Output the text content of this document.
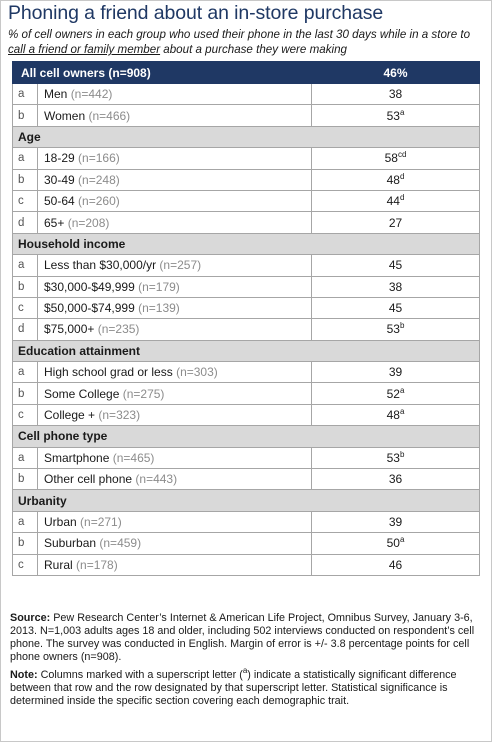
Phoning a friend about an in-store purchase

% of cell owners in each group who used their phone in the last 30 days while in a store to call a friend or family member about a purchase they were making

All cell owners (n=908)		46%
a	Men (n=442)	38
b	Women (n=466)	53$^a$
Age		
a	18-29 (n=166)	$58^{cd}$
b	30-49 (n=248)	48$^d$
c	50-64 (n=260)	44$^d$
d	65+ (n=208)	27
Household income		
a	Less than $30,000/yr (n=257)	45
b	$30,000-$49,999 (n=179)	38
c	$50,000-$74,999 (n=139)	45
d	$75,000+ (n=235)	53$^b$
Education attainment		
a	High school grad or less (n=303)	39
b	Some College (n=275)	52$^a$
c	College + (n=323)	48$^a$
Cell phone type		
a	Smartphone (n=465)	53$^b$
b	Other cell phone (n=443)	36
Urbanity		
a	Urban (n=271)	39
b	Suburban (n=459)	50$^a$
c	Rural (n=178)	46
Source: Pew Research Center’s Internet & American Life Project, Omnibus Survey, January 3-6, 2013. N=1,003 adults ages 18 and older, including 502 interviews conducted on respondent’s cell phone. The survey was conducted in English. Margin of error is +/- 3.8 percentage points for cell phone owners (n=908).
Note: Columns marked with a superscript letter ($^a$) indicate a statistically significant difference between that row and the row designated by that superscript letter. Statistical significance is determined inside the specific section covering each demographic trait.
